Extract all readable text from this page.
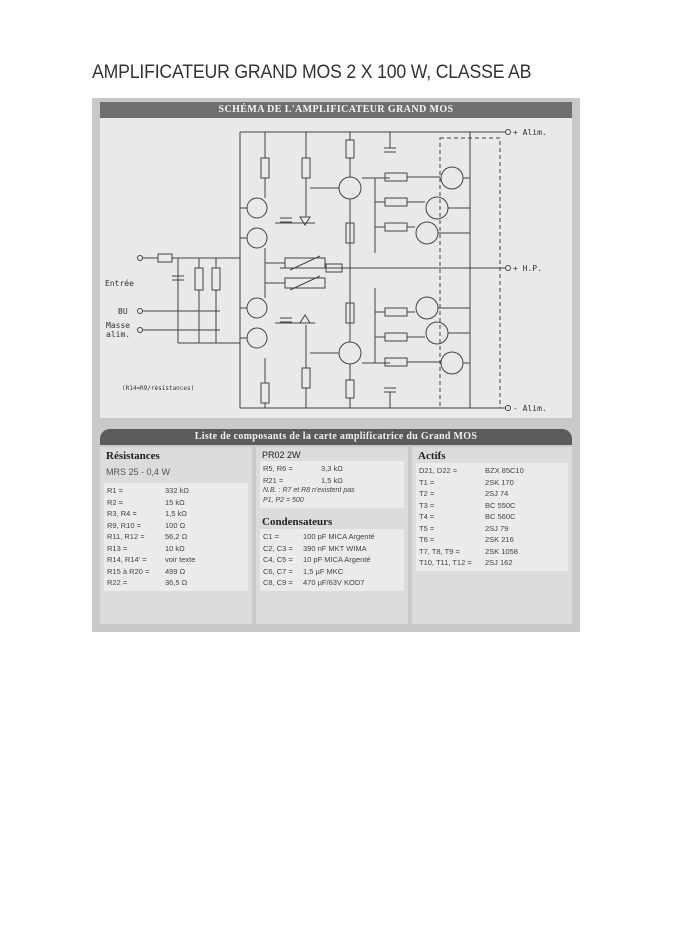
AMPLIFICATEUR GRAND MOS 2 X 100 W, CLASSE AB
SCHÉMA DE L'AMPLIFICATEUR GRAND MOS
+ Alim.
- Alim.
+ H.P.
Entrée
BU
Masse
alim.
(R14=R9/résistances)
Liste de composants de la carte amplificatrice du Grand MOS
Résistances
MRS 25 - 0,4 W
R1 =	332 kΩ
R2 =	15 kΩ
R3, R4 =	1,5 kΩ
R9, R10 =	100 Ω
R11, R12 =	56,2 Ω
R13 =	10 kΩ
R14, R14' =	voir texte
R15 à R20 =	499 Ω
R22 =	36,5 Ω
PR02 2W
R5, R6 =	3,3 kΩ
R21 =	1,5 kΩ
N.B. : R7 et R8 n'existent pas
P1, P2 = 500
Condensateurs
C1 =	100 pF MICA Argenté
C2, C3 =	390 nF MKT WIMA
C4, C5 =	10 pF MICA Argenté
C6, C7 =	1,5 µF MKC
C8, C9 =	470 µF/63V KOD7
Actifs
D21, D22 =	BZX 85C10
T1 =	2SK 170
T2 =	2SJ 74
T3 =	BC 550C
T4 =	BC 560C
T5 =	2SJ 79
T6 =	2SK 216
T7, T8, T9 =	2SK 1058
T10, T11, T12 =	2SJ 162
